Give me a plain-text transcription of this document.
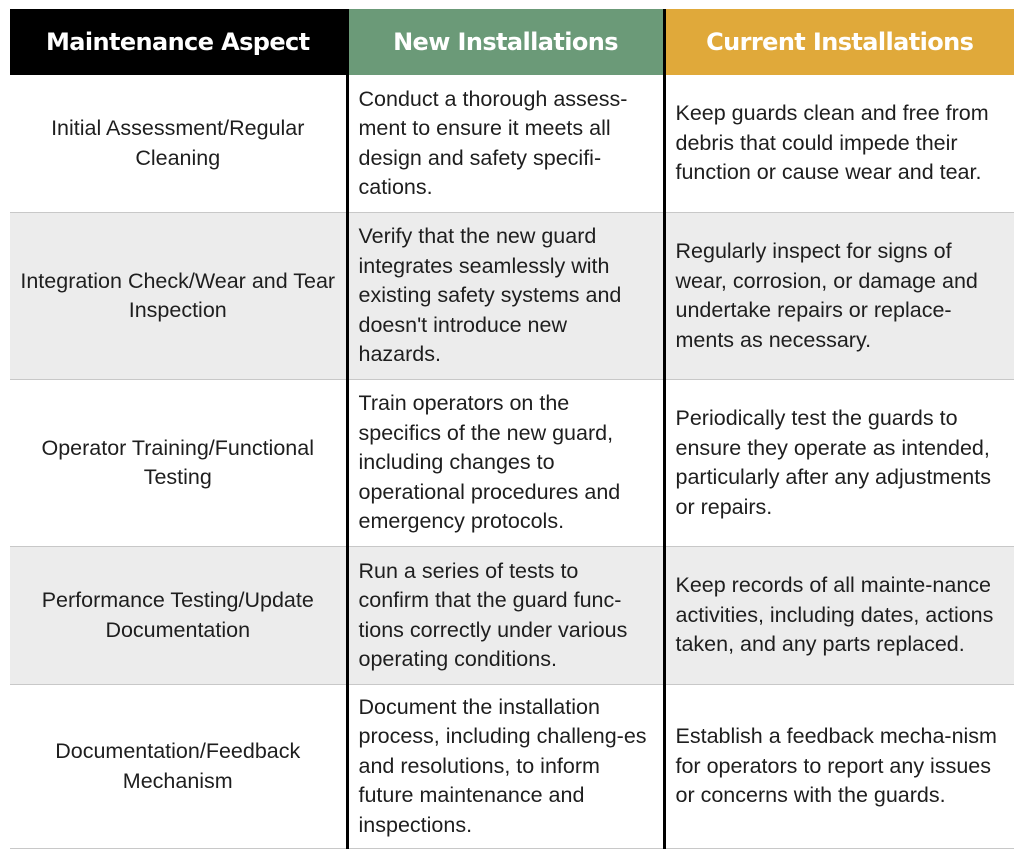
Maintenance Aspect	New Installations	Current Installations
Initial Assessment/Regular Cleaning	Conduct a thorough assess-ment to ensure it meets all design and safety specifi-cations.	Keep guards clean and free from debris that could impede their function or cause wear and tear.
Integration Check/Wear and Tear Inspection	Verify that the new guard integrates seamlessly with existing safety systems and doesn't introduce new hazards.	Regularly inspect for signs of wear, corrosion, or damage and undertake repairs or replace-ments as necessary.
Operator Training/Functional Testing	Train operators on the specifics of the new guard, including changes to operational procedures and emergency protocols.	Periodically test the guards to ensure they operate as intended, particularly after any adjustments or repairs.
Performance Testing/Update Documentation	Run a series of tests to confirm that the guard func-tions correctly under various operating conditions.	Keep records of all mainte-nance activities, including dates, actions taken, and any parts replaced.
Documentation/Feedback Mechanism	Document the installation process, including challeng-es and resolutions, to inform future maintenance and inspections.	Establish a feedback mecha-nism for operators to report any issues or concerns with the guards.
